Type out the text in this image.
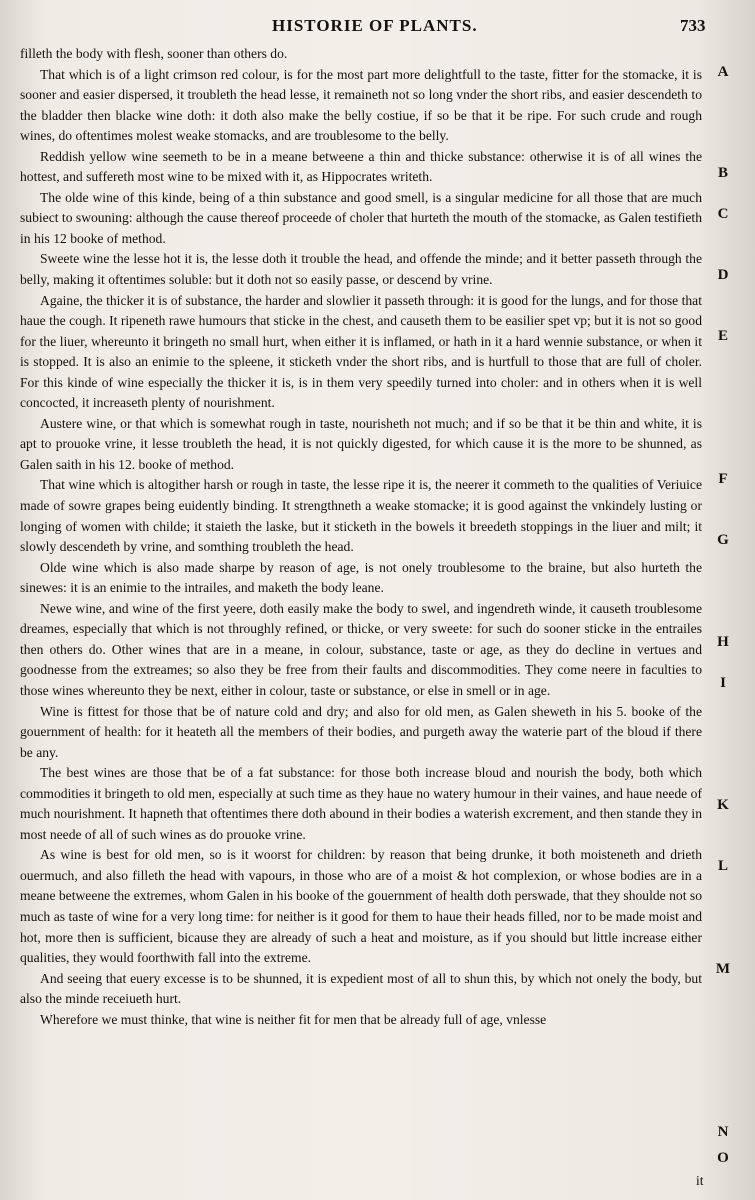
HISTORIE OF PLANTS.	733

filleth the body with flesh, sooner than others do.

That which is of a light crimson red colour, is for the most part more delightfull to the taste, fitter for the stomacke, it is sooner and easier dispersed, it troubleth the head lesse, it remaineth not so long vnder the short ribs, and easier descendeth to the bladder then blacke wine doth: it doth also make the belly costiue, if so be that it be ripe. For such crude and rough wines, do oftentimes molest weake stomacks, and are troublesome to the belly.

Reddish yellow wine seemeth to be in a meane betweene a thin and thicke substance: otherwise it is of all wines the hottest, and suffereth most wine to be mixed with it, as Hippocrates writeth.

The olde wine of this kinde, being of a thin substance and good smell, is a singular medicine for all those that are much subiect to swouning: although the cause thereof proceede of choler that hurteth the mouth of the stomacke, as Galen testifieth in his 12 booke of method.

Sweete wine the lesse hot it is, the lesse doth it trouble the head, and offende the minde; and it better passeth through the belly, making it oftentimes soluble: but it doth not so easily passe, or descend by vrine.

Againe, the thicker it is of substance, the harder and slowlier it passeth through: it is good for the lungs, and for those that haue the cough. It ripeneth rawe humours that sticke in the chest, and causeth them to be easilier spet vp; but it is not so good for the liuer, whereunto it bringeth no small hurt, when either it is inflamed, or hath in it a hard wennie substance, or when it is stopped. It is also an enimie to the spleene, it sticketh vnder the short ribs, and is hurtfull to those that are full of choler. For this kinde of wine especially the thicker it is, is in them very speedily turned into choler: and in others when it is well concocted, it increaseth plenty of nourishment.

Austere wine, or that which is somewhat rough in taste, nourisheth not much; and if so be that it be thin and white, it is apt to prouoke vrine, it lesse troubleth the head, it is not quickly digested, for which cause it is the more to be shunned, as Galen saith in his 12. booke of method.

That wine which is altogither harsh or rough in taste, the lesse ripe it is, the neerer it commeth to the qualities of Veriuice made of sowre grapes being euidently binding. It strengthneth a weake stomacke; it is good against the vnkindely lusting or longing of women with childe; it staieth the laske, but it sticketh in the bowels it breedeth stoppings in the liuer and milt; it slowly descendeth by vrine, and somthing troubleth the head.

Olde wine which is also made sharpe by reason of age, is not onely troublesome to the braine, but also hurteth the sinewes: it is an enimie to the intrailes, and maketh the body leane.

Newe wine, and wine of the first yeere, doth easily make the body to swel, and ingendreth winde, it causeth troublesome dreames, especially that which is not throughly refined, or thicke, or very sweete: for such do sooner sticke in the entrailes then others do. Other wines that are in a meane, in colour, substance, taste or age, as they do decline in vertues and goodnesse from the extreames; so also they be free from their faults and discommodities. They come neere in faculties to those wines whereunto they be next, either in colour, taste or substance, or else in smell or in age.

Wine is fittest for those that be of nature cold and dry; and also for old men, as Galen sheweth in his 5. booke of the gouernment of health: for it heateth all the members of their bodies, and purgeth away the waterie part of the bloud if there be any.

The best wines are those that be of a fat substance: for those both increase bloud and nourish the body, both which commodities it bringeth to old men, especially at such time as they haue no watery humour in their vaines, and haue neede of much nourishment. It hapneth that oftentimes there doth abound in their bodies a waterish excrement, and then stande they in most neede of all of such wines as do prouoke vrine.

As wine is best for old men, so is it woorst for children: by reason that being drunke, it both moisteneth and drieth ouermuch, and also filleth the head with vapours, in those who are of a moist & hot complexion, or whose bodies are in a meane betweene the extremes, whom Galen in his booke of the gouernment of health doth perswade, that they shoulde not so much as taste of wine for a very long time: for neither is it good for them to haue their heads filled, nor to be made moist and hot, more then is sufficient, bicause they are already of such a heat and moisture, as if you should but little increase either qualities, they would foorthwith fall into the extreme.

And seeing that euery excesse is to be shunned, it is expedient most of all to shun this, by which not onely the body, but also the minde receiueth hurt.

Wherefore we must thinke, that wine is neither fit for men that be already full of age, vnlesse

A
B
C
D
E
F
G
H
I
K
L
M
N
O
it
